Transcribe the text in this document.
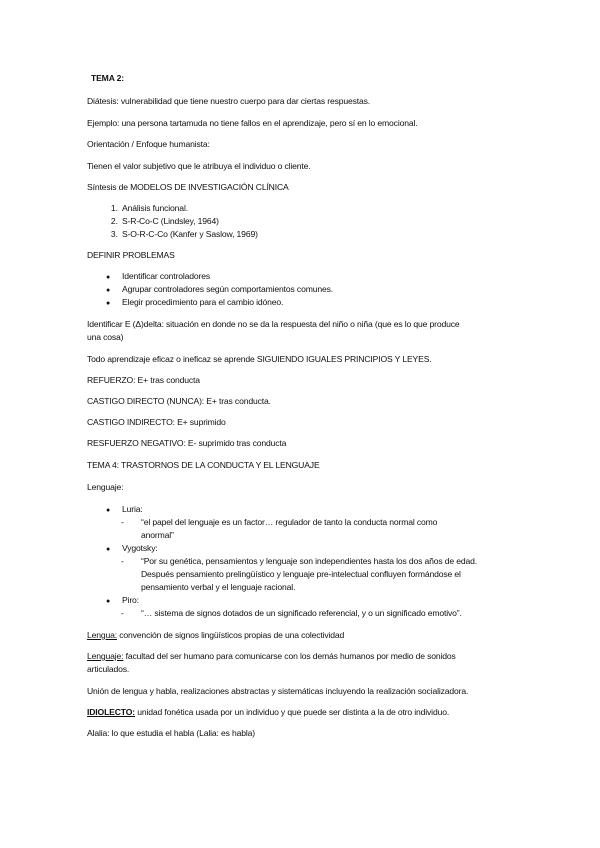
TEMA 2:
Diátesis: vulnerabilidad que tiene nuestro cuerpo para dar ciertas respuestas.
Ejemplo: una persona tartamuda no tiene fallos en el aprendizaje, pero sí en lo emocional.
Orientación / Enfoque humanista:
Tienen el valor subjetivo que le atribuya el individuo o cliente.
Síntesis de MODELOS DE INVESTIGACIÓN CLÍNICA
1. Análisis funcional.
2. S-R-Co-C (Lindsley, 1964)
3. S-O-R-C-Co (Kanfer y Saslow, 1969)
DEFINIR PROBLEMAS
● Identificar controladores
● Agrupar controladores según comportamientos comunes.
● Elegir procedimiento para el cambio idóneo.
Identificar E (Δ)delta: situación en donde no se da la respuesta del niño o niña (que es lo que produce
una cosa)
Todo aprendizaje eficaz o ineficaz se aprende SIGUIENDO IGUALES PRINCIPIOS Y LEYES.
REFUERZO: E+ tras conducta
CASTIGO DIRECTO (NUNCA): E+ tras conducta.
CASTIGO INDIRECTO: E+ suprimido
RESFUERZO NEGATIVO: E- suprimido tras conducta
TEMA 4: TRASTORNOS DE LA CONDUCTA Y EL LENGUAJE
Lenguaje:
● Luria:
- “el papel del lenguaje es un factor… regulador de tanto la conducta normal como
anormal”
● Vygotsky:
- “Por su genética, pensamientos y lenguaje son independientes hasta los dos años de edad.
Después pensamiento prelingüístico y lenguaje pre-intelectual confluyen formándose el
pensamiento verbal y el lenguaje racional.
● Piro:
- “… sistema de signos dotados de un significado referencial, y o un significado emotivo”.
Lengua: convención de signos lingüísticos propias de una colectividad
Lenguaje: facultad del ser humano para comunicarse con los demás humanos por medio de sonidos
articulados.
Unión de lengua y habla, realizaciones abstractas y sistemáticas incluyendo la realización socializadora.
IDIOLECTO: unidad fonética usada por un individuo y que puede ser distinta a la de otro individuo.
Alalia: lo que estudia el habla (Lalia: es habla)
